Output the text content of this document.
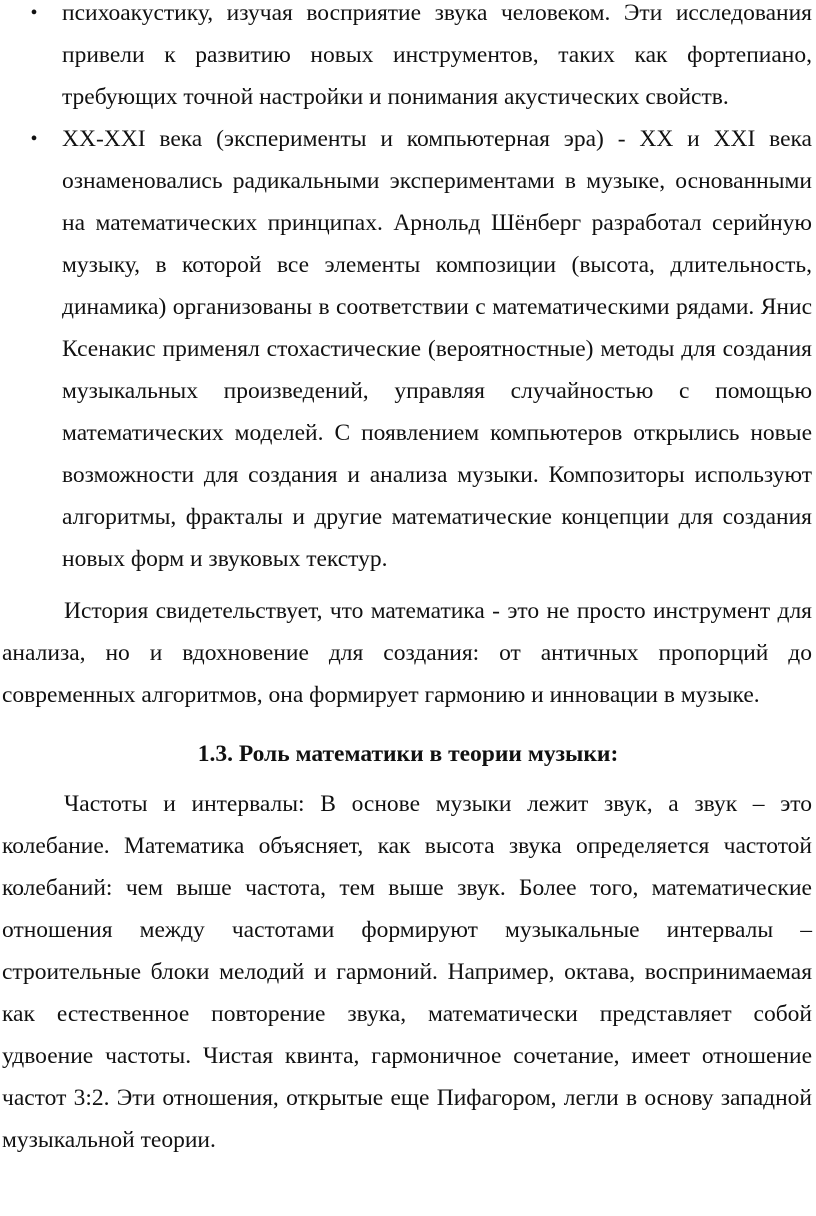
• психоакустику, изучая восприятие звука человеком. Эти исследования привели к развитию новых инструментов, таких как фортепиано, требующих точной настройки и понимания акустических свойств.
• XX-XXI века (эксперименты и компьютерная эра) - XX и XXI века ознаменовались радикальными экспериментами в музыке, основанными на математических принципах. Арнольд Шёнберг разработал серийную музыку, в которой все элементы композиции (высота, длительность, динамика) организованы в соответствии с математическими рядами. Янис Ксенакис применял стохастические (вероятностные) методы для создания музыкальных произведений, управляя случайностью с помощью математических моделей. С появлением компьютеров открылись новые возможности для создания и анализа музыки. Композиторы используют алгоритмы, фракталы и другие математические концепции для создания новых форм и звуковых текстур.
История свидетельствует, что математика - это не просто инструмент для анализа, но и вдохновение для создания: от античных пропорций до современных алгоритмов, она формирует гармонию и инновации в музыке.
1.3. Роль математики в теории музыки:
Частоты и интервалы: В основе музыки лежит звук, а звук – это колебание. Математика объясняет, как высота звука определяется частотой колебаний: чем выше частота, тем выше звук. Более того, математические отношения между частотами формируют музыкальные интервалы – строительные блоки мелодий и гармоний. Например, октава, воспринимаемая как естественное повторение звука, математически представляет собой удвоение частоты. Чистая квинта, гармоничное сочетание, имеет отношение частот 3:2. Эти отношения, открытые еще Пифагором, легли в основу западной музыкальной теории.
